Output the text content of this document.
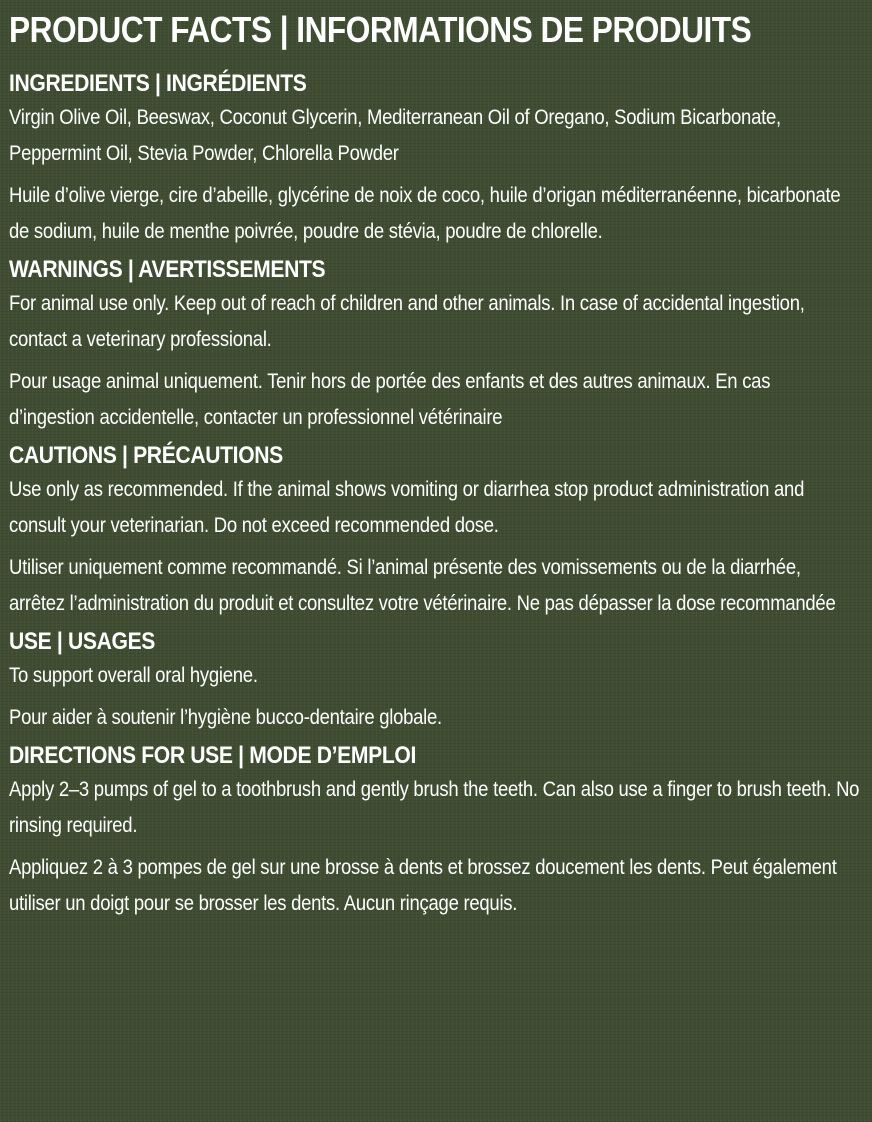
PRODUCT FACTS | INFORMATIONS DE PRODUITS
INGREDIENTS | INGRÉDIENTS

Virgin Olive Oil, Beeswax, Coconut Glycerin, Mediterranean Oil of Oregano, Sodium Bicarbonate, Peppermint Oil, Stevia Powder, Chlorella Powder

Huile d’olive vierge, cire d’abeille, glycérine de noix de coco, huile d’origan méditerranéenne, bicarbonate de sodium, huile de menthe poivrée, poudre de stévia, poudre de chlorelle.

WARNINGS | AVERTISSEMENTS

For animal use only. Keep out of reach of children and other animals. In case of accidental ingestion, contact a veterinary professional.

Pour usage animal uniquement. Tenir hors de portée des enfants et des autres animaux. En cas d’ingestion accidentelle, contacter un professionnel vétérinaire

CAUTIONS | PRÉCAUTIONS

Use only as recommended. If the animal shows vomiting or diarrhea stop product administration and consult your veterinarian. Do not exceed recommended dose.

Utiliser uniquement comme recommandé. Si l’animal présente des vomissements ou de la diarrhée, arrêtez l’administration du produit et consultez votre vétérinaire. Ne pas dépasser la dose recommandée

USE | USAGES

To support overall oral hygiene.

Pour aider à soutenir l’hygiène bucco-dentaire globale.

DIRECTIONS FOR USE | MODE D’EMPLOI

Apply 2–3 pumps of gel to a toothbrush and gently brush the teeth. Can also use a finger to brush teeth. No rinsing required.

Appliquez 2 à 3 pompes de gel sur une brosse à dents et brossez doucement les dents. Peut également utiliser un doigt pour se brosser les dents. Aucun rinçage requis.
